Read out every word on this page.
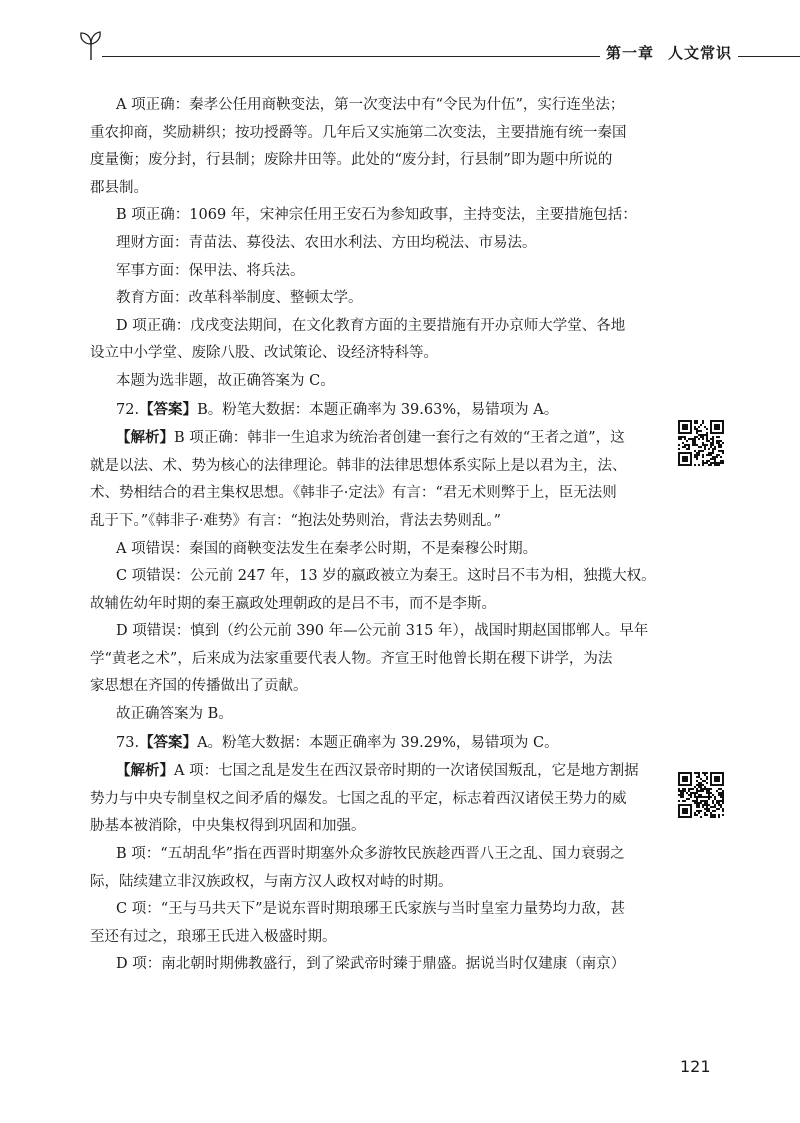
第一章 人文常识

A 项正确：秦孝公任用商鞅变法，第一次变法中有“令民为什伍”，实行连坐法；

重农抑商，奖励耕织；按功授爵等。几年后又实施第二次变法，主要措施有统一秦国

度量衡；废分封，行县制；废除井田等。此处的“废分封，行县制”即为题中所说的

郡县制。

B 项正确：1069 年，宋神宗任用王安石为参知政事，主持变法，主要措施包括：

理财方面：青苗法、募役法、农田水利法、方田均税法、市易法。

军事方面：保甲法、将兵法。

教育方面：改革科举制度、整顿太学。

D 项正确：戊戌变法期间，在文化教育方面的主要措施有开办京师大学堂、各地

设立中小学堂、废除八股、改试策论、设经济特科等。

本题为选非题，故正确答案为 C。

72.【答案】B。粉笔大数据：本题正确率为 39.63%，易错项为 A。

【解析】B 项正确：韩非一生追求为统治者创建一套行之有效的“王者之道”，这

就是以法、术、势为核心的法律理论。韩非的法律思想体系实际上是以君为主，法、

术、势相结合的君主集权思想。《韩非子·定法》有言：“君无术则弊于上，臣无法则

乱于下。”《韩非子·难势》有言：“抱法处势则治，背法去势则乱。”

A 项错误：秦国的商鞅变法发生在秦孝公时期，不是秦穆公时期。

C 项错误：公元前 247 年，13 岁的嬴政被立为秦王。这时吕不韦为相，独揽大权。

故辅佐幼年时期的秦王嬴政处理朝政的是吕不韦，而不是李斯。

D 项错误：慎到（约公元前 390 年—公元前 315 年），战国时期赵国邯郸人。早年

学“黄老之术”，后来成为法家重要代表人物。齐宣王时他曾长期在稷下讲学，为法

家思想在齐国的传播做出了贡献。

故正确答案为 B。

73.【答案】A。粉笔大数据：本题正确率为 39.29%，易错项为 C。

【解析】A 项：七国之乱是发生在西汉景帝时期的一次诸侯国叛乱，它是地方割据

势力与中央专制皇权之间矛盾的爆发。七国之乱的平定，标志着西汉诸侯王势力的威

胁基本被消除，中央集权得到巩固和加强。

B 项：“五胡乱华”指在西晋时期塞外众多游牧民族趁西晋八王之乱、国力衰弱之

际，陆续建立非汉族政权，与南方汉人政权对峙的时期。

C 项：“王与马共天下”是说东晋时期琅琊王氏家族与当时皇室力量势均力敌，甚

至还有过之，琅琊王氏进入极盛时期。

D 项：南北朝时期佛教盛行，到了梁武帝时臻于鼎盛。据说当时仅建康（南京）

121
